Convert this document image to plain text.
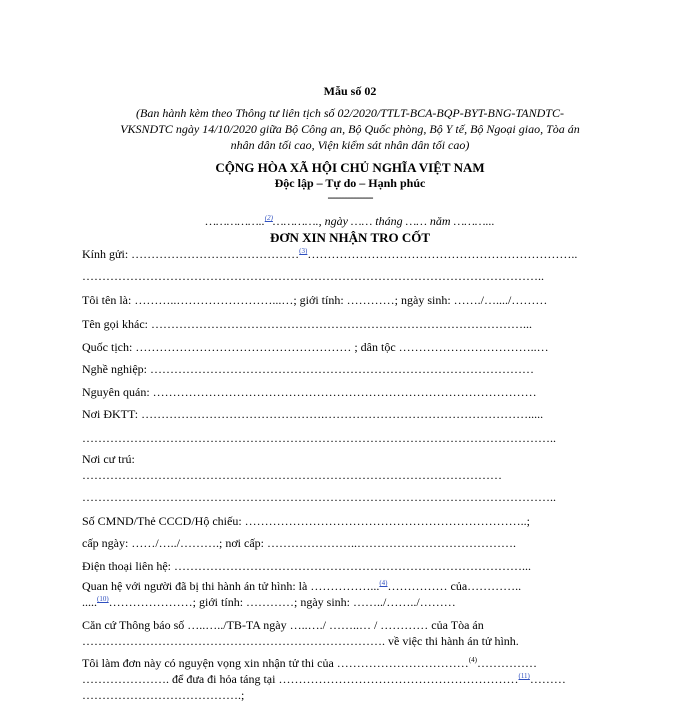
Mẫu số 02
(Ban hành kèm theo Thông tư liên tịch số 02/2020/TTLT-BCA-BQP-BYT-BNG-TANDTC-
VKSNDTC ngày 14/10/2020 giữa Bộ Công an, Bộ Quốc phòng, Bộ Y tế, Bộ Ngoại giao, Tòa án
nhân dân tối cao, Viện kiểm sát nhân dân tối cao)
CỘNG HÒA XÃ HỘI CHỦ NGHĨA VIỆT NAM
Độc lập – Tự do – Hạnh phúc
---------------
……………..$^{(2)}$…………., ngày …… tháng …… năm ………...
ĐƠN XIN NHẬN TRO CỐT
Kính gửi: ……………………………………$^{(3)}$…………………………………………………………..
……………………………………………………………………………………………………..
Tôi tên là: ………..……………………...…; giới tính: …………; ngày sinh: ……./…..../………
Tên gọi khác: …………………………………………………………………………………...
Quốc tịch: ……………………………………………… ; dân tộc ……………………………..…
Nghề nghiệp: ……………………………………………………………………………………
Nguyên quán: ……………………………………………………………………………………
Nơi ĐKTT: ……………………………………….…………………………………………….....
………………………………………………………………………………………………………..
Nơi cư trú:
……………………………………………………………………………………………
………………………………………………………………………………………………………..
Số CMND/Thẻ CCCD/Hộ chiếu: ……………………………………………………………..;
cấp ngày: ……/…../……….; nơi cấp: …………………..………………………………….
Điện thoại liên hệ: ……………………………………………………………………………...
Quan hệ với người đã bị thi hành án tử hình: là ……………...$^{(4)}$…………… của…………..
.....$^{(10)}$…………………; giới tính: …………; ngày sinh: ……../……../………
Căn cứ Thông báo số …..…../TB-TA ngày …..…./ ……..… / ………… của Tòa án
…………………………………………………………………. về việc thi hành án tử hình.
Tôi làm đơn này có nguyện vọng xin nhận tử thi của ……………………………$^{(4)}$……………
…………………. để đưa đi hỏa táng tại ……………………………………………………$^{(11)}$………
………………………………….;
